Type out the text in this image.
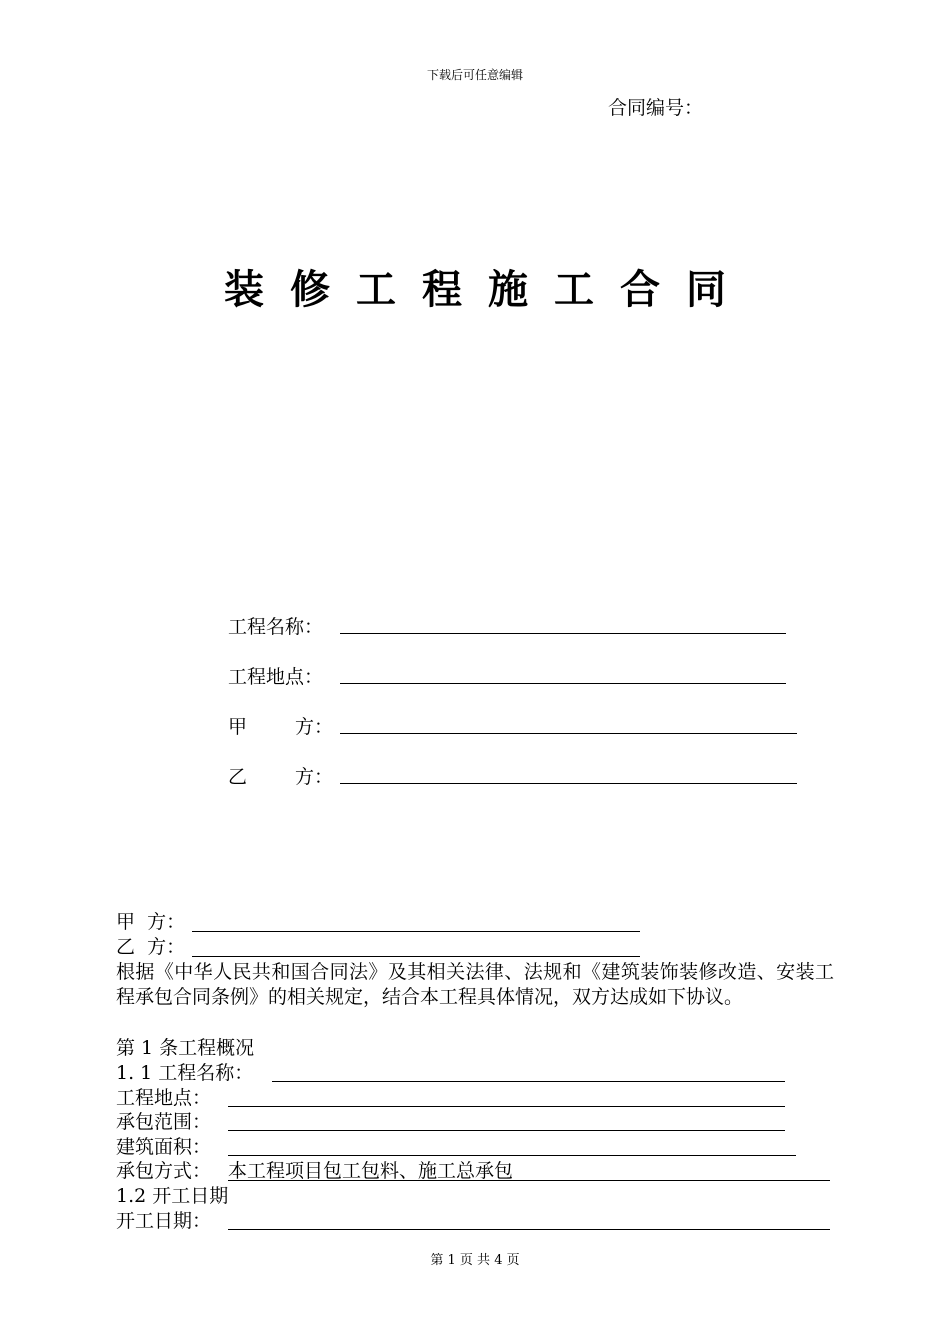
下载后可任意编辑
合同编号：
装修工程施工合同
工程名称：
工程地点：
甲	方：
乙	方：
甲  方：
乙  方：
根据《中华人民共和国合同法》及其相关法律、法规和《建筑装饰装修改造、安装工程承包合同条例》的相关规定，结合本工程具体情况，双方达成如下协议。
第 1 条工程概况
1. 1 工程名称：
工程地点：
承包范围：
建筑面积：
承包方式： 本工程项目包工包料、施工总承包
1.2 开工日期
开工日期：
第 1 页 共 4 页
